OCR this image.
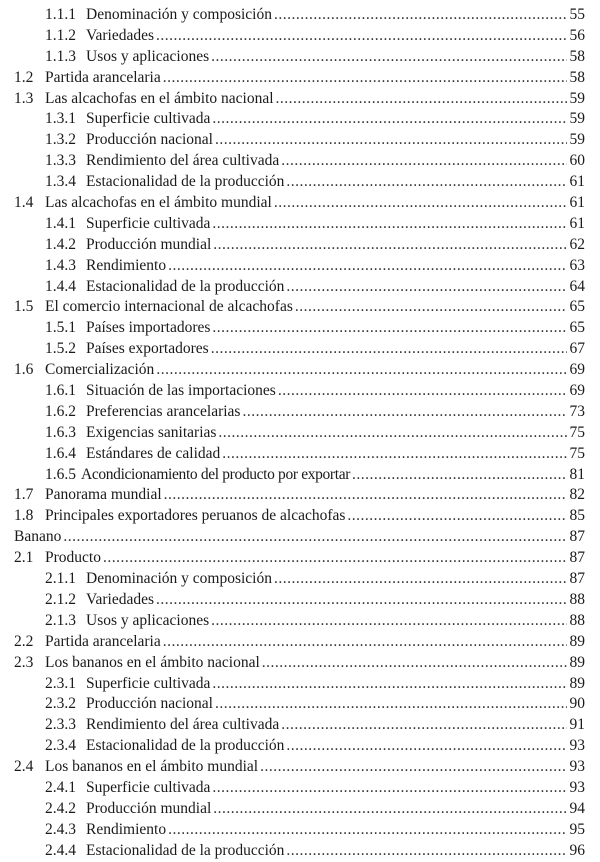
1.1.1 Denominación y composición .....	55
1.1.2 Variedades .....	56
1.1.3 Usos y aplicaciones .....	58
1.2 Partida arancelaria .....	58
1.3 Las alcachofas en el ámbito nacional .....	59
1.3.1 Superficie cultivada .....	59
1.3.2 Producción nacional .....	59
1.3.3 Rendimiento del área cultivada .....	60
1.3.4 Estacionalidad de la producción .....	61
1.4 Las alcachofas en el ámbito mundial .....	61
1.4.1 Superficie cultivada .....	61
1.4.2 Producción mundial .....	62
1.4.3 Rendimiento .....	63
1.4.4 Estacionalidad de la producción .....	64
1.5 El comercio internacional de alcachofas .....	65
1.5.1 Países importadores .....	65
1.5.2 Países exportadores .....	67
1.6 Comercialización .....	69
1.6.1 Situación de las importaciones .....	69
1.6.2 Preferencias arancelarias .....	73
1.6.3 Exigencias sanitarias .....	75
1.6.4 Estándares de calidad .....	75
1.6.5 Acondicionamiento del producto por exportar .....	81
1.7 Panorama mundial .....	82
1.8 Principales exportadores peruanos de alcachofas .....	85
Banano .....	87
2.1 Producto .....	87
2.1.1 Denominación y composición .....	87
2.1.2 Variedades .....	88
2.1.3 Usos y aplicaciones .....	88
2.2 Partida arancelaria .....	89
2.3 Los bananos en el ámbito nacional .....	89
2.3.1 Superficie cultivada .....	89
2.3.2 Producción nacional .....	90
2.3.3 Rendimiento del área cultivada .....	91
2.3.4 Estacionalidad de la producción .....	93
2.4 Los bananos en el ámbito mundial .....	93
2.4.1 Superficie cultivada .....	93
2.4.2 Producción mundial .....	94
2.4.3 Rendimiento .....	95
2.4.4 Estacionalidad de la producción .....	96
